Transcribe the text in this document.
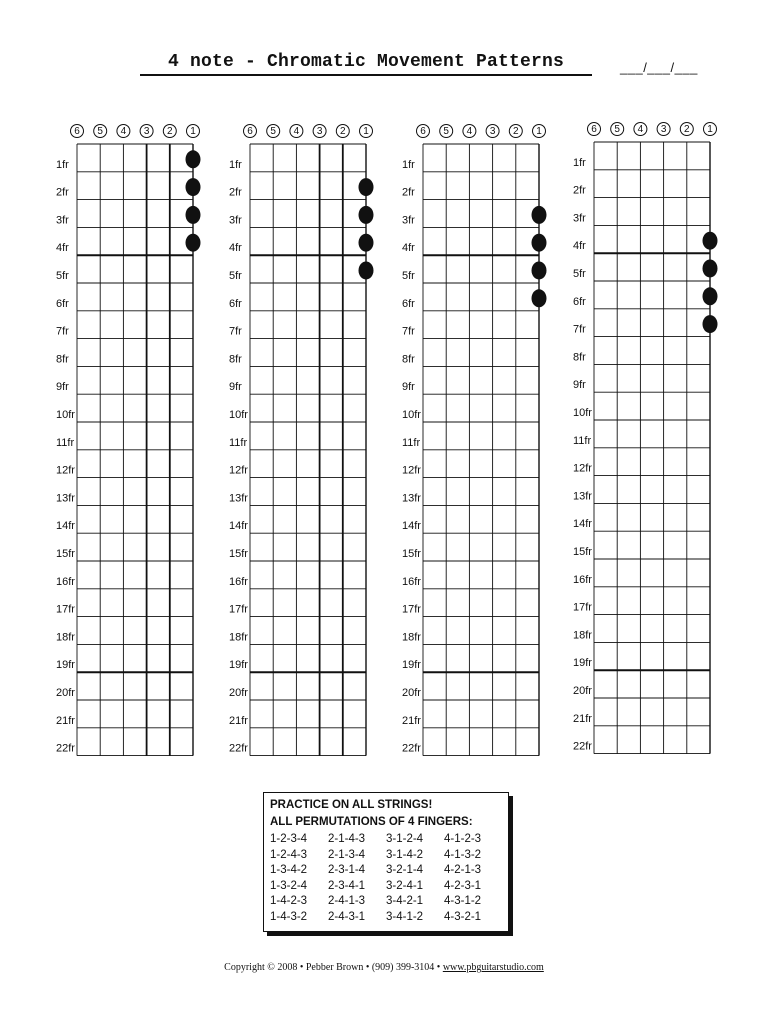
4 note - Chromatic Movement Patterns	___/___/___
6 5 4 3 2 1
1fr
2fr
3fr
4fr
5fr
6fr
7fr
8fr
9fr
10fr
11fr
12fr
13fr
14fr
15fr
16fr
17fr
18fr
19fr
20fr
21fr
22fr
6 5 4 3 2 1
1fr
2fr
3fr
4fr
5fr
6fr
7fr
8fr
9fr
10fr
11fr
12fr
13fr
14fr
15fr
16fr
17fr
18fr
19fr
20fr
21fr
22fr
6 5 4 3 2 1
1fr
2fr
3fr
4fr
5fr
6fr
7fr
8fr
9fr
10fr
11fr
12fr
13fr
14fr
15fr
16fr
17fr
18fr
19fr
20fr
21fr
22fr
6 5 4 3 2 1
1fr
2fr
3fr
4fr
5fr
6fr
7fr
8fr
9fr
10fr
11fr
12fr
13fr
14fr
15fr
16fr
17fr
18fr
19fr
20fr
21fr
22fr
PRACTICE ON ALL STRINGS!
ALL PERMUTATIONS OF 4 FINGERS:
1-2-3-4	2-1-4-3	3-1-2-4	4-1-2-3
1-2-4-3	2-1-3-4	3-1-4-2	4-1-3-2
1-3-4-2	2-3-1-4	3-2-1-4	4-2-1-3
1-3-2-4	2-3-4-1	3-2-4-1	4-2-3-1
1-4-2-3	2-4-1-3	3-4-2-1	4-3-1-2
1-4-3-2	2-4-3-1	3-4-1-2	4-3-2-1
Copyright © 2008 • Pebber Brown • (909) 399-3104 • www.pbguitarstudio.com
